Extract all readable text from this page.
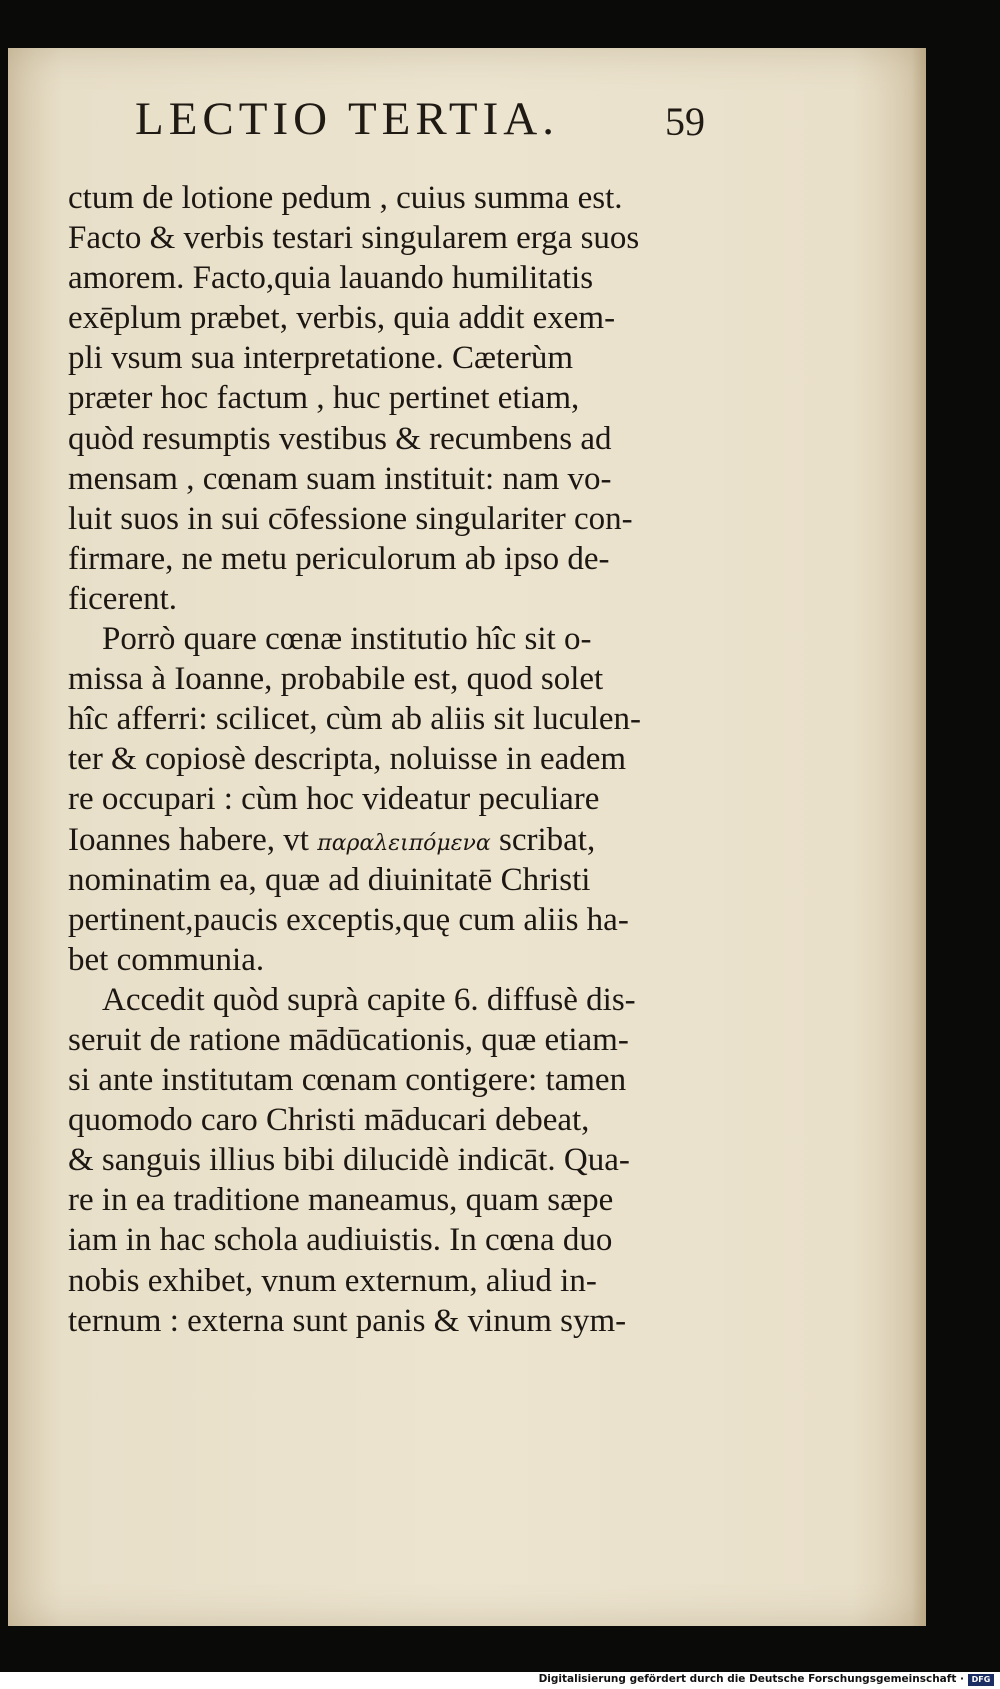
LECTIO TERTIA.	59
ctum de lotione pedum , cuius summa est.
Facto & verbis testari singularem erga suos
amorem. Facto,quia lauando humilitatis
exēplum præbet, verbis, quia addit exem-
pli vsum sua interpretatione. Cæterùm
præter hoc factum , huc pertinet etiam,
quòd resumptis vestibus & recumbens ad
mensam , cœnam suam instituit: nam vo-
luit suos in sui cōfessione singulariter con-
firmare, ne metu periculorum ab ipso de-
ficerent.
Porrò quare cœnæ institutio hîc sit o-
missa à Ioanne, probabile est, quod solet
hîc afferri: scilicet, cùm ab aliis sit luculen-
ter & copiosè descripta, noluisse in eadem
re occupari : cùm hoc videatur peculiare
Ioannes habere, vt παραλειπόμενα scribat,
nominatim ea, quæ ad diuinitatē Christi
pertinent,paucis exceptis,quę cum aliis ha-
bet communia.
Accedit quòd suprà capite 6. diffusè dis-
seruit de ratione mādūcationis, quæ etiam-
si ante institutam cœnam contigere: tamen
quomodo caro Christi māducari debeat,
& sanguis illius bibi dilucidè indicāt. Qua-
re in ea traditione maneamus, quam sæpe
iam in hac schola audiuistis. In cœna duo
nobis exhibet, vnum externum, aliud in-
ternum : externa sunt panis & vinum sym-
Digitalisierung gefördert durch die Deutsche Forschungsgemeinschaft · DFG
